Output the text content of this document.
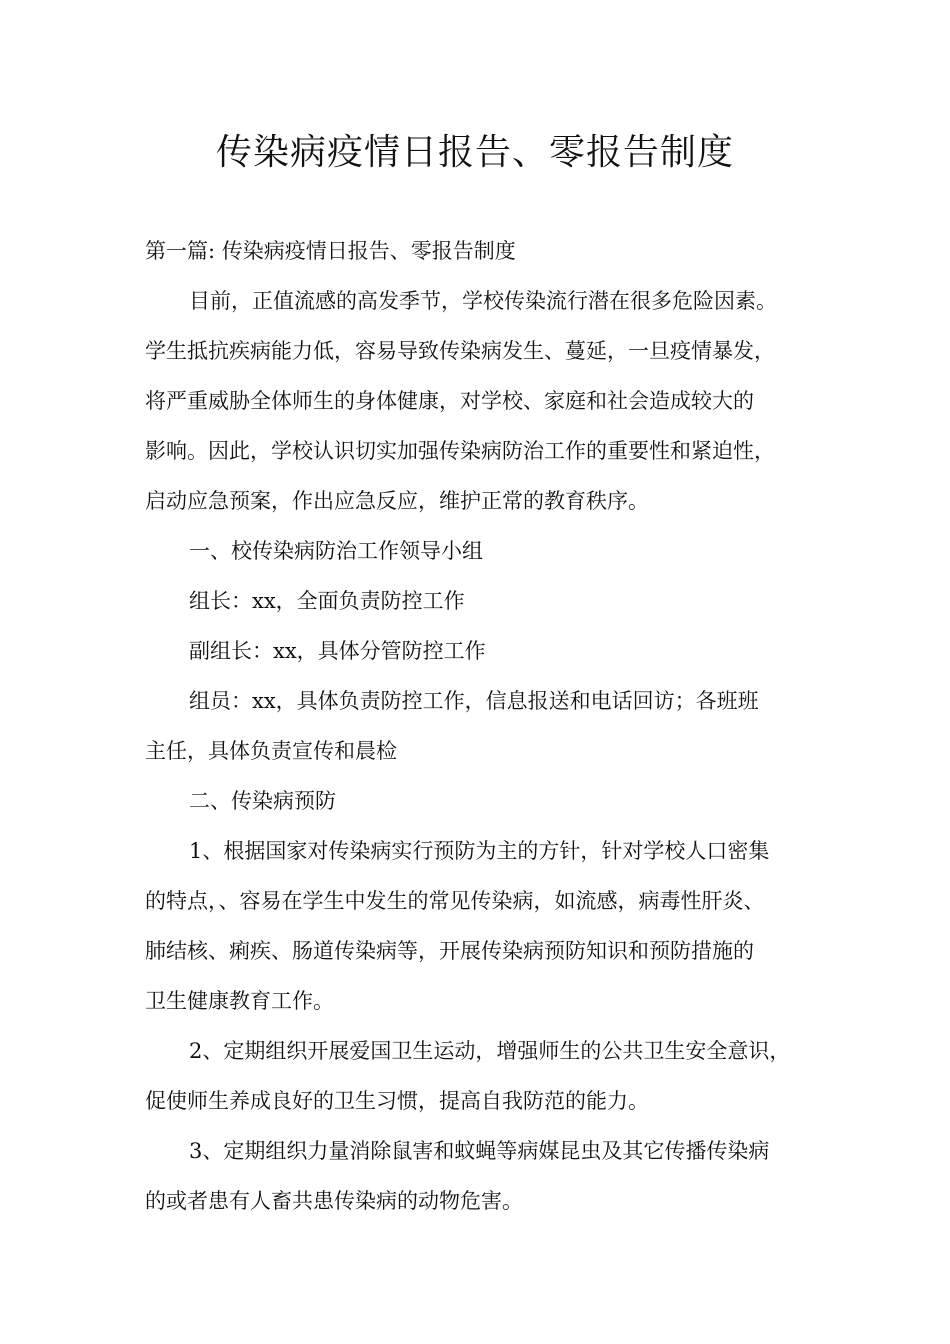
传染病疫情日报告、零报告制度

第一篇: 传染病疫情日报告、零报告制度

目前，正值流感的高发季节，学校传染流行潜在很多危险因素。

学生抵抗疾病能力低，容易导致传染病发生、蔓延，一旦疫情暴发，

将严重威胁全体师生的身体健康，对学校、家庭和社会造成较大的

影响。因此，学校认识切实加强传染病防治工作的重要性和紧迫性，

启动应急预案，作出应急反应，维护正常的教育秩序。

一、校传染病防治工作领导小组

组长：xx，全面负责防控工作

副组长：xx，具体分管防控工作

组员：xx，具体负责防控工作，信息报送和电话回访；各班班

主任，具体负责宣传和晨检

二、传染病预防

1、根据国家对传染病实行预防为主的方针，针对学校人口密集

的特点，、容易在学生中发生的常见传染病，如流感，病毒性肝炎、

肺结核、痢疾、肠道传染病等，开展传染病预防知识和预防措施的

卫生健康教育工作。

2、定期组织开展爱国卫生运动，增强师生的公共卫生安全意识，

促使师生养成良好的卫生习惯，提高自我防范的能力。

3、定期组织力量消除鼠害和蚊蝇等病媒昆虫及其它传播传染病

的或者患有人畜共患传染病的动物危害。
